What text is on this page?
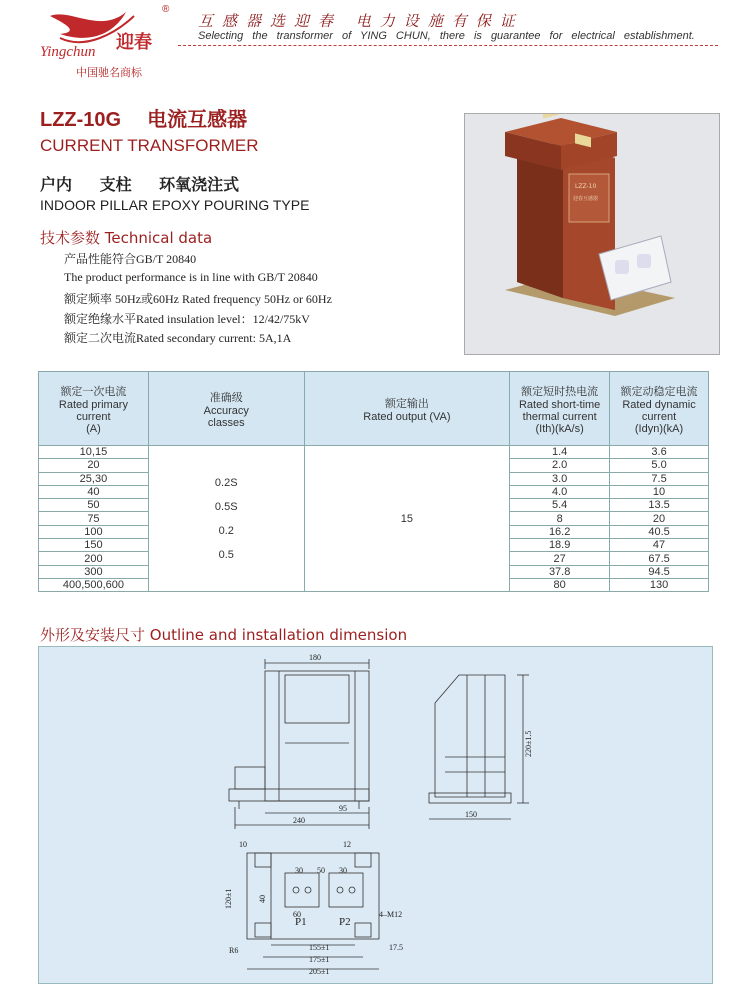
Yingchun 迎春
®
中国驰名商标
互感器选迎春 电力设施有保证
Selecting the transformer of YING CHUN, there is guarantee for electrical establishment.
LZZ-10G 电流互感器
CURRENT TRANSFORMER
户内 支柱 环氧浇注式
INDOOR PILLAR EPOXY POURING TYPE
技术参数 Technical data
产品性能符合GB/T 20840
The product performance is in line with GB/T 20840
额定频率 50Hz或60Hz Rated frequency 50Hz or 60Hz
额定绝缘水平Rated insulation level：12/42/75kV
额定二次电流Rated secondary current: 5A,1A
LZZ-10
迎春互感器
额定一次电流
Rated primary
current
(A)	准确级
Accuracy
classes	额定输出
Rated output (VA)	额定短时热电流
Rated short-time
thermal current
(Ith)(kA/s)	额定动稳定电流
Rated dynamic
current
(Idyn)(kA)
10,15	0.2S
0.5S
0.2
0.5	15	1.4	3.6
20			2.0	5.0
25,30			3.0	7.5
40			4.0	10
50			5.4	13.5
75			8	20
100			16.2	40.5
150			18.9	47
200			27	67.5
300			37.8	94.5
400,500,600			80	130
外形及安装尺寸 Outline and installation dimension
180
95
240
220±1.5
150
10	12
30 50 30
120±1	40
60
P1	P2
4–M12
R6	155±1
175±1
205±1
17.5
